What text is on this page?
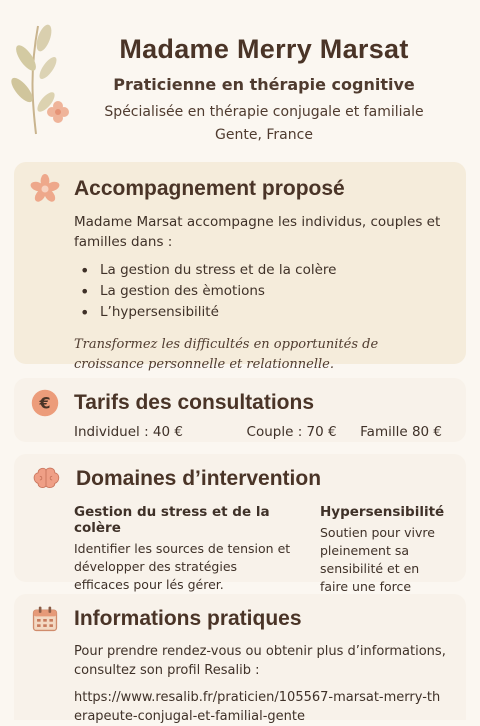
Madame Merry Marsat
Praticienne en thérapie cognitive
Spécialisée en thérapie conjugale et familiale
Gente, France
Accompagnement proposé
Madame Marsat accompagne les individus, couples et familles dans :
• La gestion du stress et de la colère
• La gestion des èmotions
• L’hypersensibilité
Transformez les difficultés en opportunités de croissance personnelle et relationnelle.
€ Tarifs des consultations
Individuel : 40 €	Couple : 70 € Famille 80 €
Domaines d’intervention
Gestion du stress et de la colère
Identifier les sources de tension et développer des stratégies efficaces pour lés gérer.
Hypersensibilité
Soutien pour vivre pleinement sa sensibilité et en faire une force
Informations pratiques
Pour prendre rendez-vous ou obtenir plus d’informations, consultez son profil Resalib :
https://www.resalib.fr/praticien/105567-marsat-merry-therapeute-conjugal-et-familial-gente
